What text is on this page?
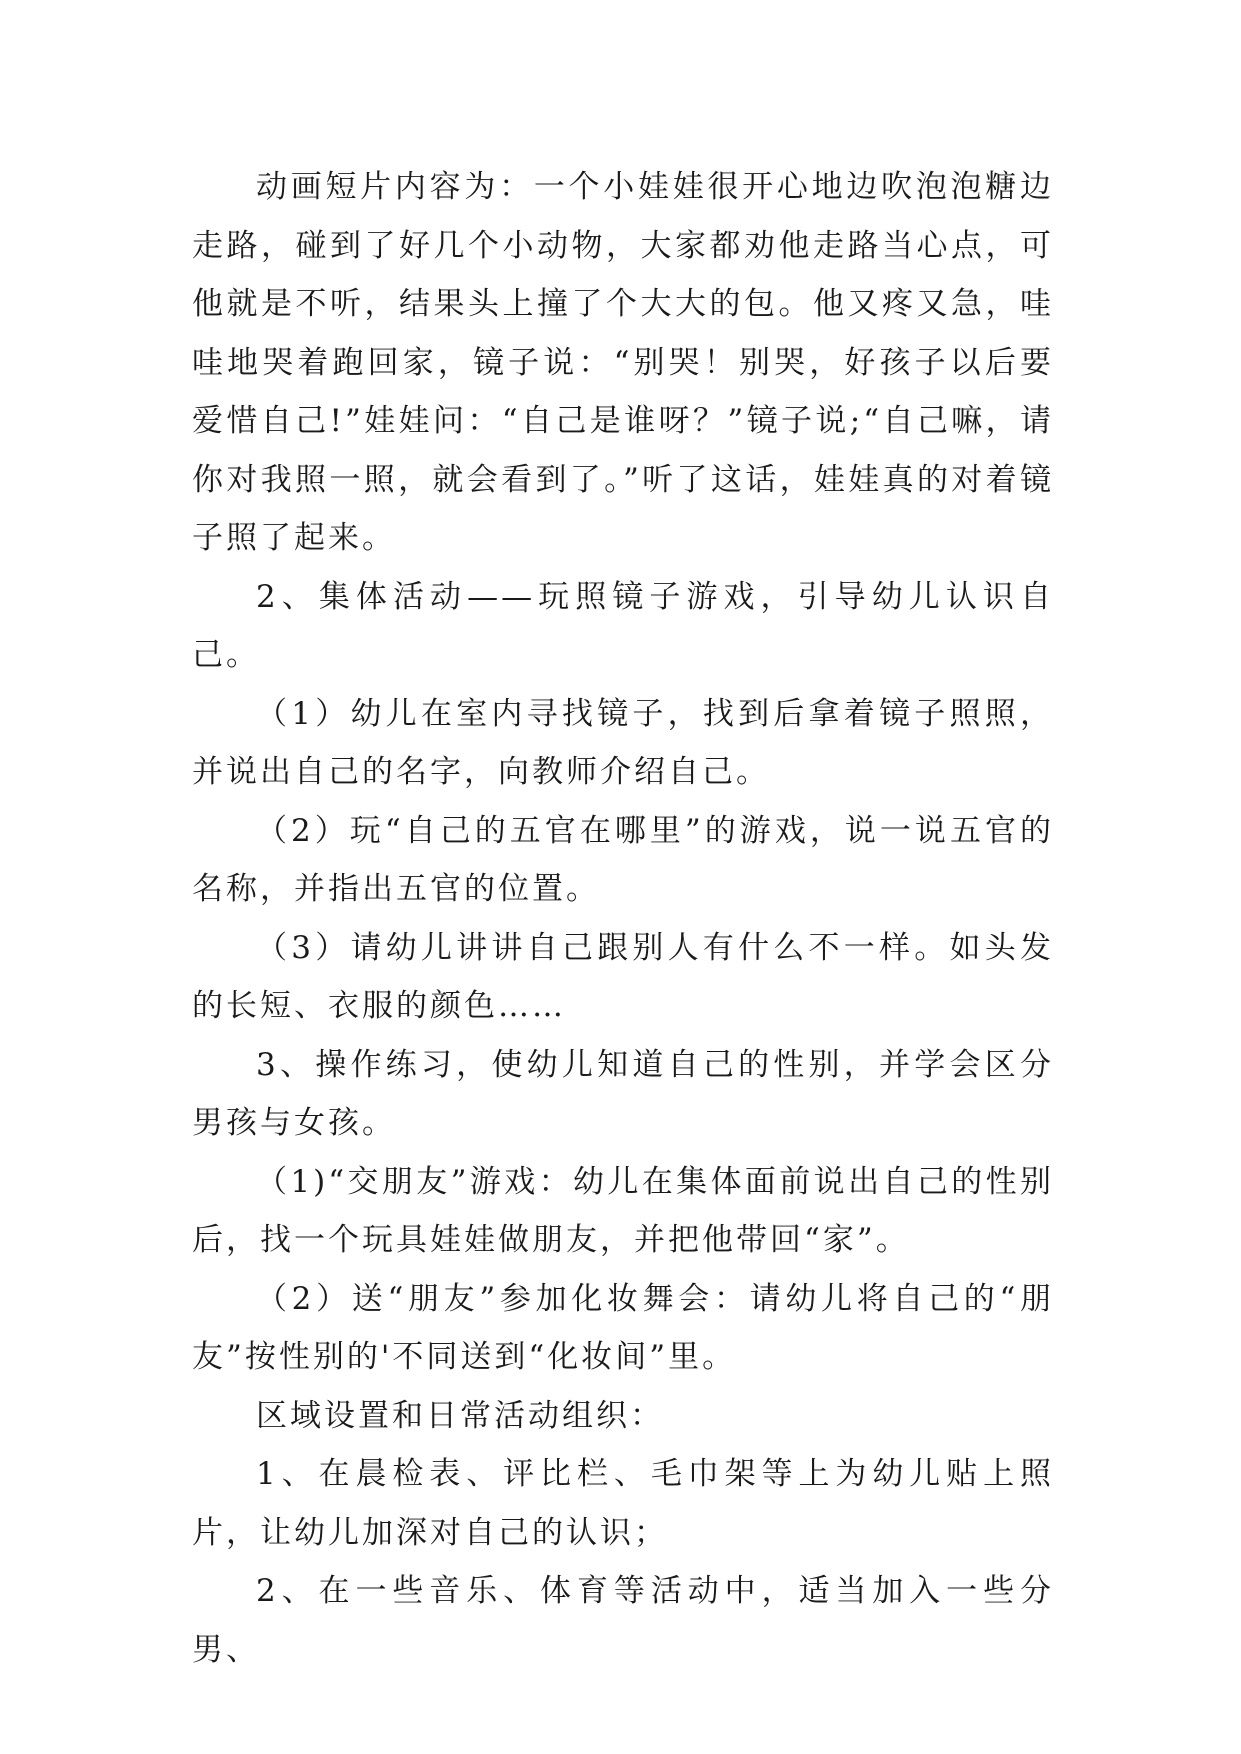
动画短片内容为：一个小娃娃很开心地边吹泡泡糖边走路，碰到了好几个小动物，大家都劝他走路当心点，可他就是不听，结果头上撞了个大大的包。他又疼又急，哇哇地哭着跑回家，镜子说：“别哭！别哭，好孩子以后要爱惜自己!”娃娃问：“自己是谁呀？”镜子说;“自己嘛，请你对我照一照，就会看到了。”听了这话，娃娃真的对着镜子照了起来。

2、集体活动——玩照镜子游戏，引导幼儿认识自己。

（1）幼儿在室内寻找镜子，找到后拿着镜子照照，并说出自己的名字，向教师介绍自己。

（2）玩“自己的五官在哪里”的游戏，说一说五官的名称，并指出五官的位置。

（3）请幼儿讲讲自己跟别人有什么不一样。如头发的长短、衣服的颜色……

3、操作练习，使幼儿知道自己的性别，并学会区分男孩与女孩。

（1)“交朋友”游戏：幼儿在集体面前说出自己的性别后，找一个玩具娃娃做朋友，并把他带回“家”。

（2）送“朋友”参加化妆舞会：请幼儿将自己的“朋友”按性别的'不同送到“化妆间”里。

区域设置和日常活动组织：

1、在晨检表、评比栏、毛巾架等上为幼儿贴上照片，让幼儿加深对自己的认识；

2、在一些音乐、体育等活动中，适当加入一些分男、
